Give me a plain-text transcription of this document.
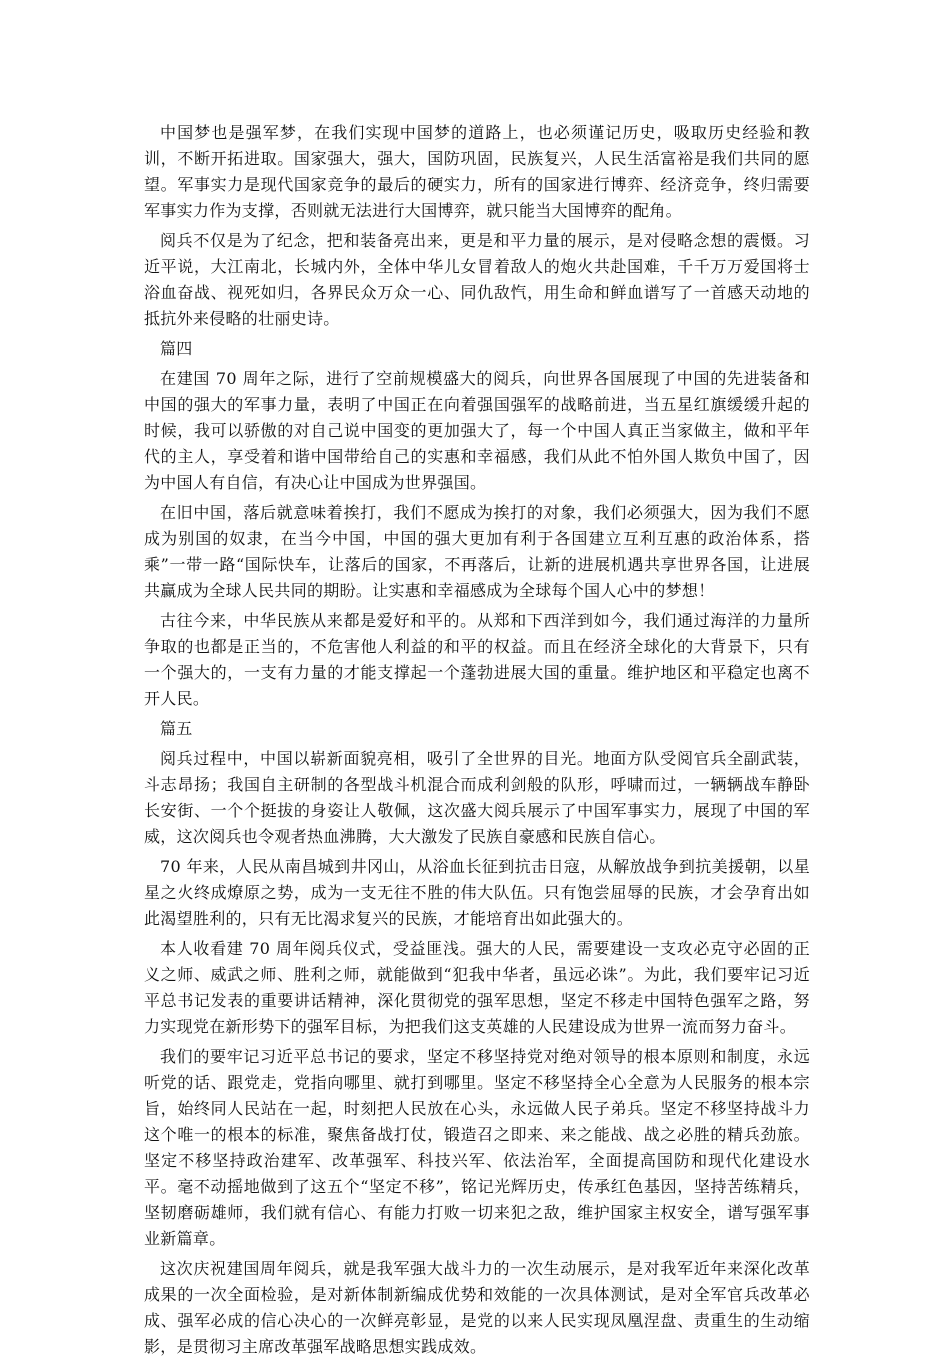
中国梦也是强军梦，在我们实现中国梦的道路上，也必须谨记历史，吸取历史经验和教训，不断开拓进取。国家强大，强大，国防巩固，民族复兴，人民生活富裕是我们共同的愿望。军事实力是现代国家竞争的最后的硬实力，所有的国家进行博弈、经济竞争，终归需要军事实力作为支撑，否则就无法进行大国博弈，就只能当大国博弈的配角。

阅兵不仅是为了纪念，把和装备亮出来，更是和平力量的展示，是对侵略念想的震慑。习近平说，大江南北，长城内外，全体中华儿女冒着敌人的炮火共赴国难，千千万万爱国将士浴血奋战、视死如归，各界民众万众一心、同仇敌忾，用生命和鲜血谱写了一首感天动地的抵抗外来侵略的壮丽史诗。

篇四

在建国 70 周年之际，进行了空前规模盛大的阅兵，向世界各国展现了中国的先进装备和中国的强大的军事力量，表明了中国正在向着强国强军的战略前进，当五星红旗缓缓升起的时候，我可以骄傲的对自己说中国变的更加强大了，每一个中国人真正当家做主，做和平年代的主人，享受着和谐中国带给自己的实惠和幸福感，我们从此不怕外国人欺负中国了，因为中国人有自信，有决心让中国成为世界强国。

在旧中国，落后就意味着挨打，我们不愿成为挨打的对象，我们必须强大，因为我们不愿成为别国的奴隶，在当今中国，中国的强大更加有利于各国建立互利互惠的政治体系，搭乘”一带一路“国际快车，让落后的国家，不再落后，让新的进展机遇共享世界各国，让进展共赢成为全球人民共同的期盼。让实惠和幸福感成为全球每个国人心中的梦想！

古往今来，中华民族从来都是爱好和平的。从郑和下西洋到如今，我们通过海洋的力量所争取的也都是正当的，不危害他人利益的和平的权益。而且在经济全球化的大背景下，只有一个强大的，一支有力量的才能支撑起一个蓬勃进展大国的重量。维护地区和平稳定也离不开人民。

篇五

阅兵过程中，中国以崭新面貌亮相，吸引了全世界的目光。地面方队受阅官兵全副武装，斗志昂扬；我国自主研制的各型战斗机混合而成利剑般的队形，呼啸而过，一辆辆战车静卧长安街、一个个挺拔的身姿让人敬佩，这次盛大阅兵展示了中国军事实力，展现了中国的军威，这次阅兵也令观者热血沸腾，大大激发了民族自豪感和民族自信心。

70 年来，人民从南昌城到井冈山，从浴血长征到抗击日寇，从解放战争到抗美援朝，以星星之火终成燎原之势，成为一支无往不胜的伟大队伍。只有饱尝屈辱的民族，才会孕育出如此渴望胜利的，只有无比渴求复兴的民族，才能培育出如此强大的。

本人收看建 70 周年阅兵仪式，受益匪浅。强大的人民，需要建设一支攻必克守必固的正义之师、威武之师、胜利之师，就能做到“犯我中华者，虽远必诛”。为此，我们要牢记习近平总书记发表的重要讲话精神，深化贯彻党的强军思想，坚定不移走中国特色强军之路，努力实现党在新形势下的强军目标，为把我们这支英雄的人民建设成为世界一流而努力奋斗。

我们的要牢记习近平总书记的要求，坚定不移坚持党对绝对领导的根本原则和制度，永远听党的话、跟党走，党指向哪里、就打到哪里。坚定不移坚持全心全意为人民服务的根本宗旨，始终同人民站在一起，时刻把人民放在心头，永远做人民子弟兵。坚定不移坚持战斗力这个唯一的根本的标准，聚焦备战打仗，锻造召之即来、来之能战、战之必胜的精兵劲旅。坚定不移坚持政治建军、改革强军、科技兴军、依法治军，全面提高国防和现代化建设水平。毫不动摇地做到了这五个“坚定不移”，铭记光辉历史，传承红色基因，坚持苦练精兵，坚韧磨砺雄师，我们就有信心、有能力打败一切来犯之敌，维护国家主权安全，谱写强军事业新篇章。

这次庆祝建国周年阅兵，就是我军强大战斗力的一次生动展示，是对我军近年来深化改革成果的一次全面检验，是对新体制新编成优势和效能的一次具体测试，是对全军官兵改革必成、强军必成的信心决心的一次鲜亮彰显，是党的以来人民实现凤凰涅盘、责重生的生动缩影，是贯彻习主席改革强军战略思想实践成效。
